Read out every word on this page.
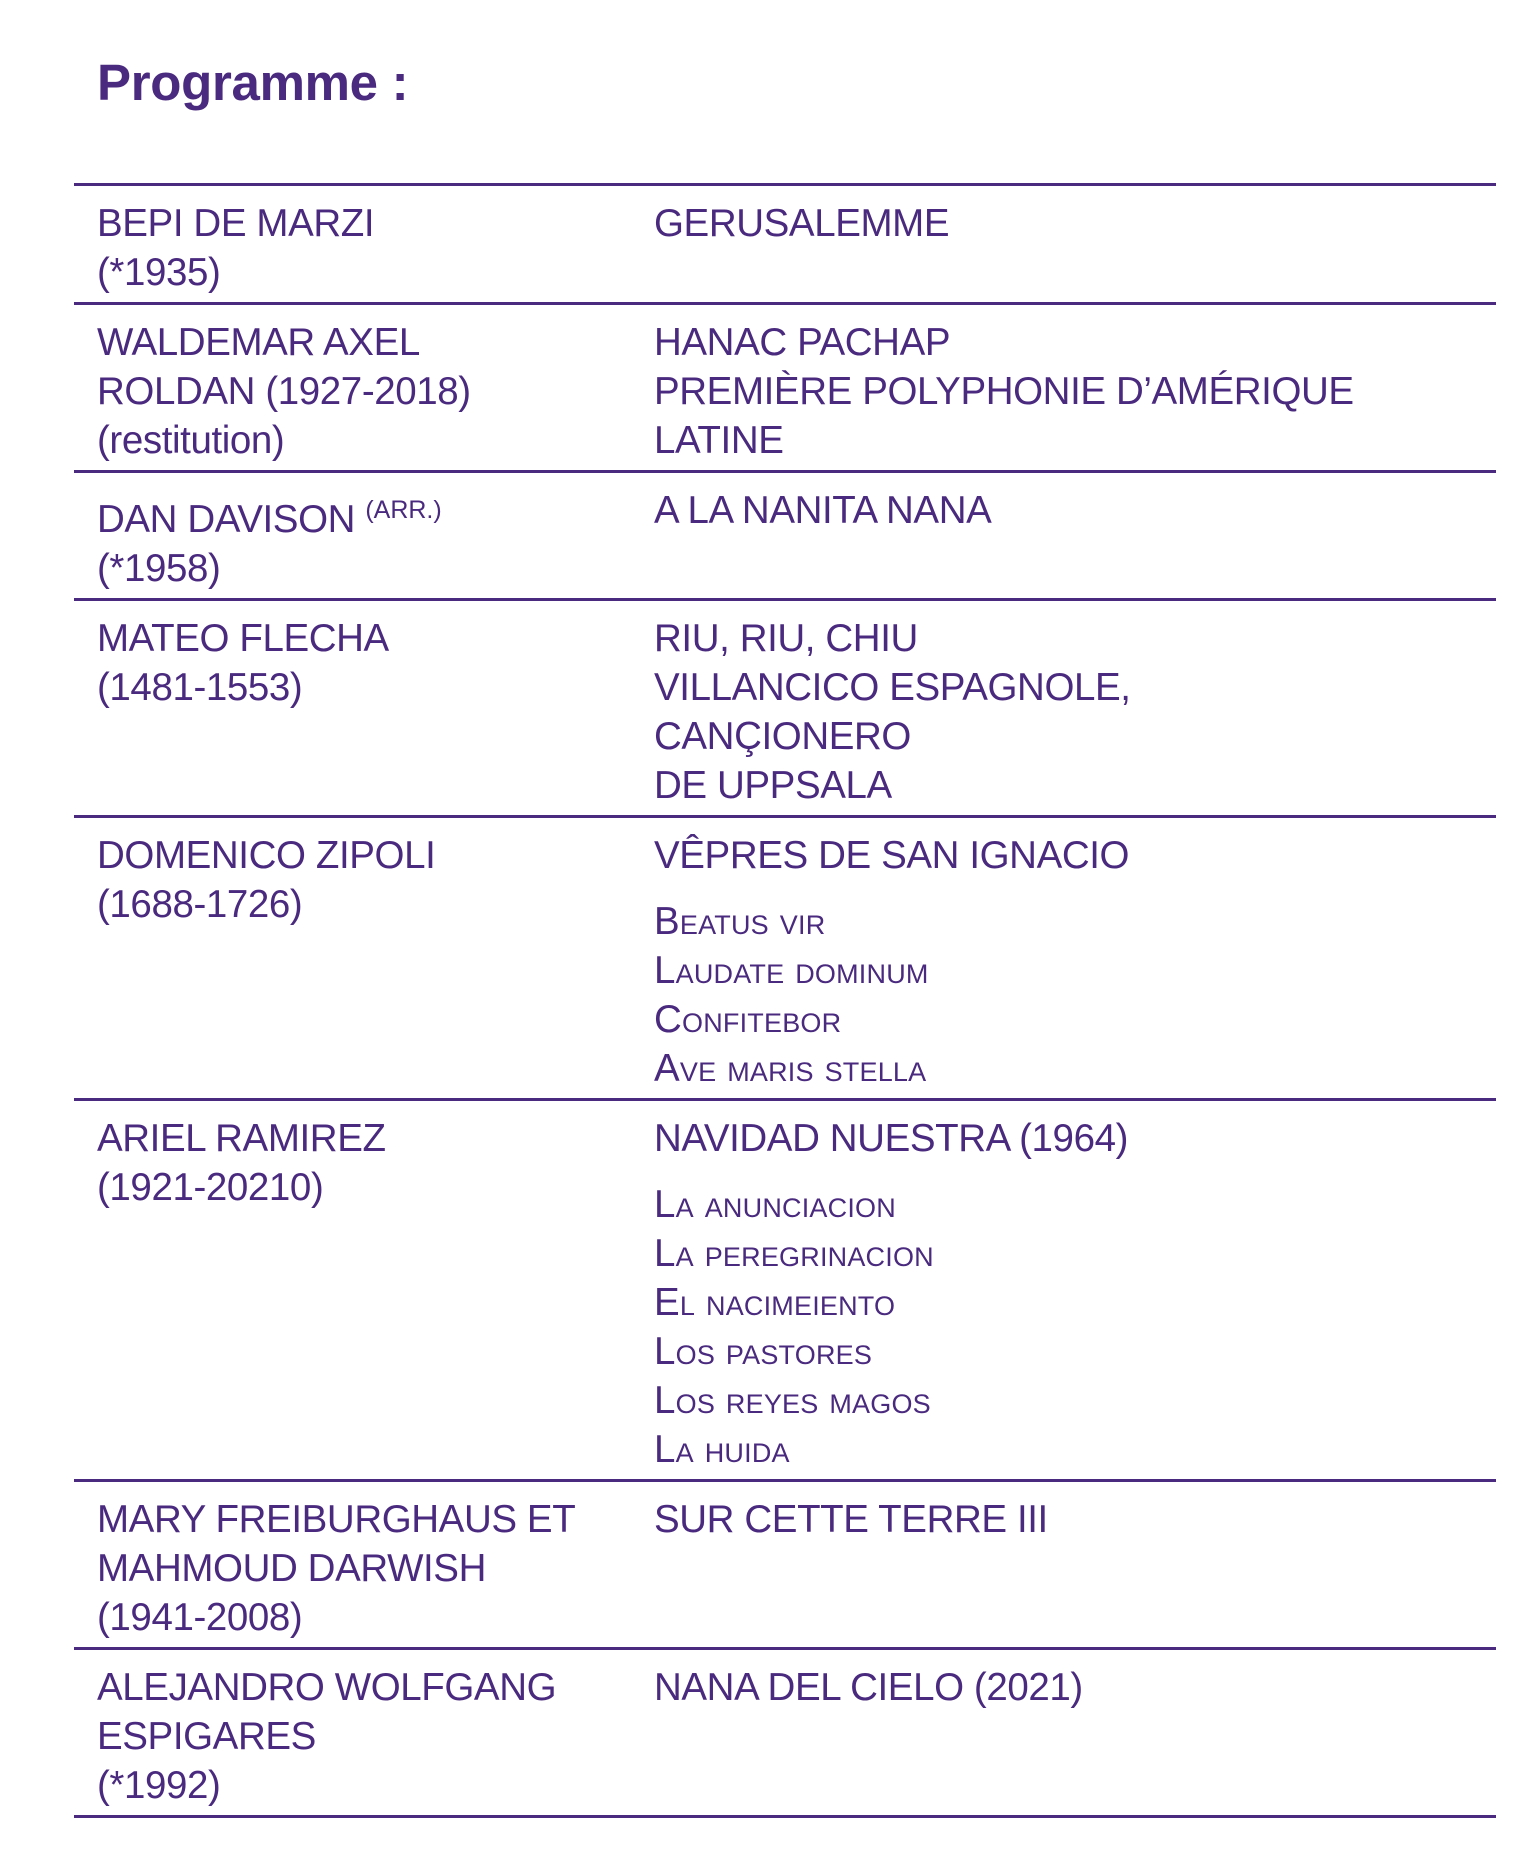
Programme :
BEPI DE MARZI
(*1935)
GERUSALEMME
WALDEMAR AXEL
ROLDAN (1927-2018)
(restitution)
HANAC PACHAP
PREMIÈRE POLYPHONIE D’AMÉRIQUE
LATINE
DAN DAVISON $^{(ARR.)}$
(*1958)
A LA NANITA NANA
MATEO FLECHA
(1481-1553)
RIU, RIU, CHIU
VILLANCICO ESPAGNOLE,
CANÇIONERO
DE UPPSALA
DOMENICO ZIPOLI
(1688-1726)
VÊPRES DE SAN IGNACIO
Beatus vir
Laudate dominum
Confitebor
Ave maris stella
ARIEL RAMIREZ
(1921-20210)
NAVIDAD NUESTRA (1964)
La anunciacion
La peregrinacion
El nacimeiento
Los pastores
Los reyes magos
La huida
MARY FREIBURGHAUS ET
MAHMOUD DARWISH
(1941-2008)
SUR CETTE TERRE III
ALEJANDRO WOLFGANG
ESPIGARES
(*1992)
NANA DEL CIELO (2021)
